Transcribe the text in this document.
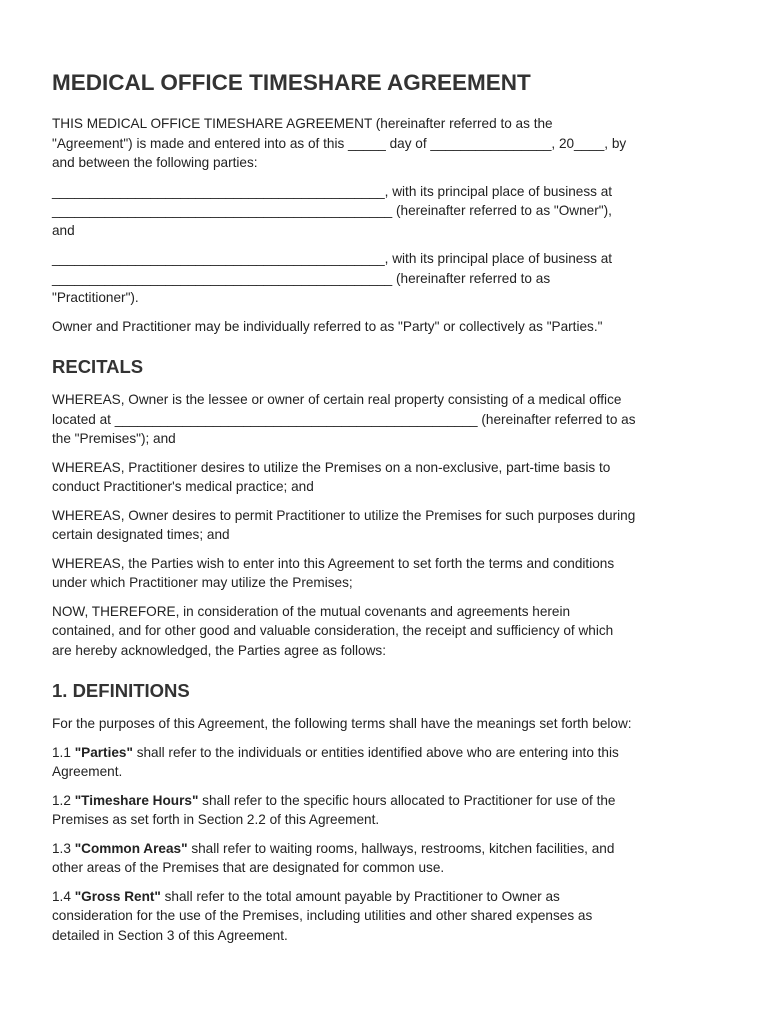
MEDICAL OFFICE TIMESHARE AGREEMENT

THIS MEDICAL OFFICE TIMESHARE AGREEMENT (hereinafter referred to as the

"Agreement") is made and entered into as of this _____ day of ________________, 20____, by

and between the following parties:

____________________________________________, with its principal place of business at

_____________________________________________ (hereinafter referred to as "Owner"),

and

____________________________________________, with its principal place of business at

_____________________________________________ (hereinafter referred to as

"Practitioner").

Owner and Practitioner may be individually referred to as "Party" or collectively as "Parties."

RECITALS

WHEREAS, Owner is the lessee or owner of certain real property consisting of a medical office

located at ________________________________________________ (hereinafter referred to as

the "Premises"); and

WHEREAS, Practitioner desires to utilize the Premises on a non-exclusive, part-time basis to

conduct Practitioner's medical practice; and

WHEREAS, Owner desires to permit Practitioner to utilize the Premises for such purposes during

certain designated times; and

WHEREAS, the Parties wish to enter into this Agreement to set forth the terms and conditions

under which Practitioner may utilize the Premises;

NOW, THEREFORE, in consideration of the mutual covenants and agreements herein

contained, and for other good and valuable consideration, the receipt and sufficiency of which

are hereby acknowledged, the Parties agree as follows:

1. DEFINITIONS

For the purposes of this Agreement, the following terms shall have the meanings set forth below:

1.1 "Parties" shall refer to the individuals or entities identified above who are entering into this

Agreement.

1.2 "Timeshare Hours" shall refer to the specific hours allocated to Practitioner for use of the

Premises as set forth in Section 2.2 of this Agreement.

1.3 "Common Areas" shall refer to waiting rooms, hallways, restrooms, kitchen facilities, and

other areas of the Premises that are designated for common use.

1.4 "Gross Rent" shall refer to the total amount payable by Practitioner to Owner as

consideration for the use of the Premises, including utilities and other shared expenses as

detailed in Section 3 of this Agreement.
